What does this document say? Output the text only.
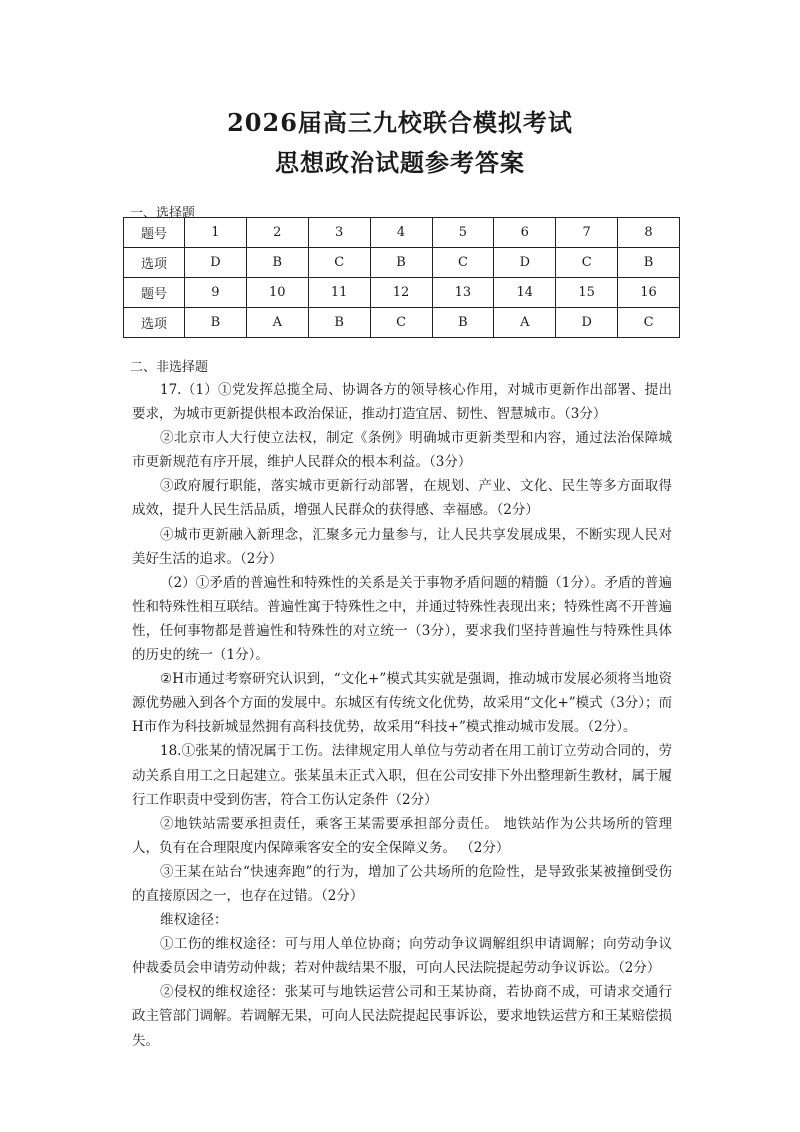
2026届高三九校联合模拟考试
思想政治试题参考答案
一、选择题
题号	1	2	3	4	5	6	7	8
选项	D	B	C	B	C	D	C	B
题号	9	10	11	12	13	14	15	16
选项	B	A	B	C	B	A	D	C
二、非选择题

17.（1）①党发挥总揽全局、协调各方的领导核心作用，对城市更新作出部署、提出要求，为城市更新提供根本政治保证，推动打造宜居、韧性、智慧城市。（3分）

②北京市人大行使立法权，制定《条例》明确城市更新类型和内容，通过法治保障城市更新规范有序开展，维护人民群众的根本利益。（3分）

③政府履行职能，落实城市更新行动部署，在规划、产业、文化、民生等多方面取得成效，提升人民生活品质，增强人民群众的获得感、幸福感。（2分）

④城市更新融入新理念，汇聚多元力量参与，让人民共享发展成果，不断实现人民对美好生活的追求。（2分）

（2）①矛盾的普遍性和特殊性的关系是关于事物矛盾问题的精髓（1分）。矛盾的普遍性和特殊性相互联结。普遍性寓于特殊性之中，并通过特殊性表现出来；特殊性离不开普遍性，任何事物都是普遍性和特殊性的对立统一（3分），要求我们坚持普遍性与特殊性具体的历史的统一（1分）。

②H市通过考察研究认识到，“文化+”模式其实就是强调，推动城市发展必须将当地资源优势融入到各个方面的发展中。东城区有传统文化优势，故采用“文化+”模式（3分）；而H市作为科技新城显然拥有高科技优势，故采用“科技+”模式推动城市发展。（2分）。

18.①张某的情况属于工伤。法律规定用人单位与劳动者在用工前订立劳动合同的，劳动关系自用工之日起建立。张某虽未正式入职，但在公司安排下外出整理新生教材，属于履行工作职责中受到伤害，符合工伤认定条件（2分）

②地铁站需要承担责任，乘客王某需要承担部分责任。 地铁站作为公共场所的管理人，负有在合理限度内保障乘客安全的安全保障义务。 （2分）

③王某在站台“快速奔跑”的行为，增加了公共场所的危险性，是导致张某被撞倒受伤的直接原因之一，也存在过错。（2分）

维权途径：

①工伤的维权途径：可与用人单位协商；向劳动争议调解组织申请调解；向劳动争议仲裁委员会申请劳动仲裁；若对仲裁结果不服，可向人民法院提起劳动争议诉讼。（2分）

②侵权的维权途径：张某可与地铁运营公司和王某协商，若协商不成，可请求交通行政主管部门调解。若调解无果，可向人民法院提起民事诉讼，要求地铁运营方和王某赔偿损失。
